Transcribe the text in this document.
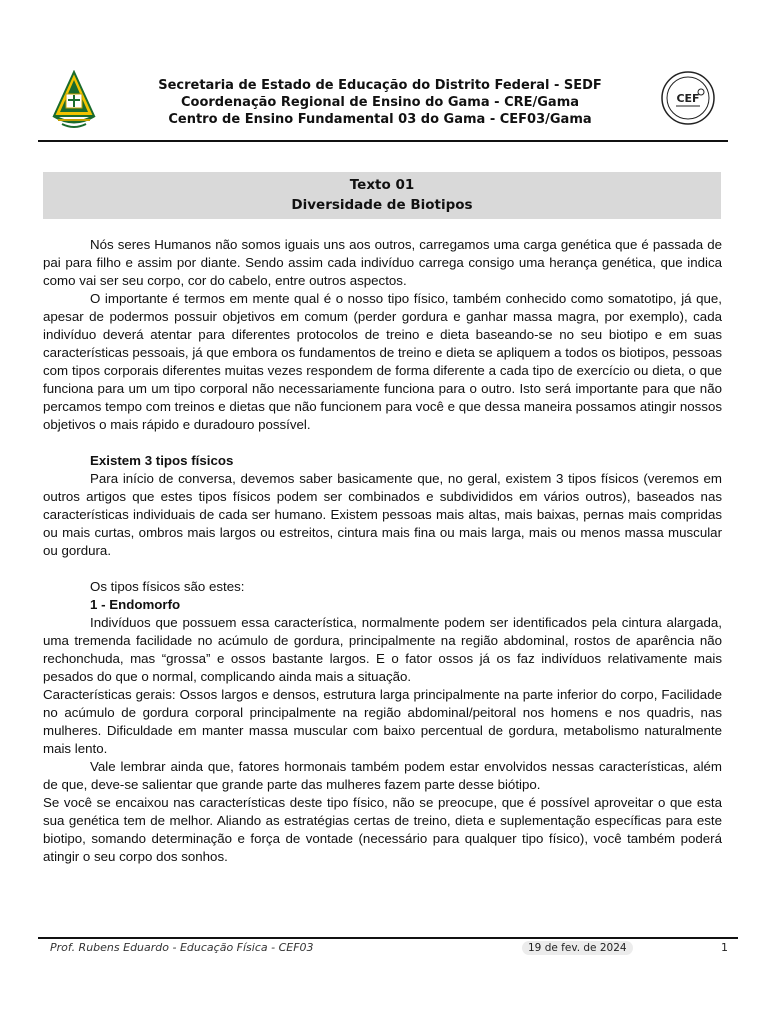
Secretaria de Estado de Educação do Distrito Federal - SEDF
Coordenação Regional de Ensino do Gama - CRE/Gama
Centro de Ensino Fundamental 03 do Gama - CEF03/Gama
CEF
Texto 01
Diversidade de Biotipos

Nós seres Humanos não somos iguais uns aos outros, carregamos uma carga genética que é passada de pai para filho e assim por diante. Sendo assim cada indivíduo carrega consigo uma herança genética, que indica como vai ser seu corpo, cor do cabelo, entre outros aspectos.

O importante é termos em mente qual é o nosso tipo físico, também conhecido como somatotipo, já que, apesar de podermos possuir objetivos em comum (perder gordura e ganhar massa magra, por exemplo), cada indivíduo deverá atentar para diferentes protocolos de treino e dieta baseando-se no seu biotipo e em suas características pessoais, já que embora os fundamentos de treino e dieta se apliquem a todos os biotipos, pessoas com tipos corporais diferentes muitas vezes respondem de forma diferente a cada tipo de exercício ou dieta, o que funciona para um um tipo corporal não necessariamente funciona para o outro. Isto será importante para que não percamos tempo com treinos e dietas que não funcionem para você e que dessa maneira possamos atingir nossos objetivos o mais rápido e duradouro possível.

Existem 3 tipos físicos

Para início de conversa, devemos saber basicamente que, no geral, existem 3 tipos físicos (veremos em outros artigos que estes tipos físicos podem ser combinados e subdivididos em vários outros), baseados nas características individuais de cada ser humano. Existem pessoas mais altas, mais baixas, pernas mais compridas ou mais curtas, ombros mais largos ou estreitos, cintura mais fina ou mais larga, mais ou menos massa muscular ou gordura.

Os tipos físicos são estes:

1 - Endomorfo

Indivíduos que possuem essa característica, normalmente podem ser identificados pela cintura alargada, uma tremenda facilidade no acúmulo de gordura, principalmente na região abdominal, rostos de aparência não rechonchuda, mas “grossa” e ossos bastante largos. E o fator ossos já os faz indivíduos relativamente mais pesados do que o normal, complicando ainda mais a situação.

Características gerais: Ossos largos e densos, estrutura larga principalmente na parte inferior do corpo, Facilidade no acúmulo de gordura corporal principalmente na região abdominal/peitoral nos homens e nos quadris, nas mulheres. Dificuldade em manter massa muscular com baixo percentual de gordura, metabolismo naturalmente mais lento.

Vale lembrar ainda que, fatores hormonais também podem estar envolvidos nessas características, além de que, deve-se salientar que grande parte das mulheres fazem parte desse biótipo.

Se você se encaixou nas características deste tipo físico, não se preocupe, que é possível aproveitar o que esta sua genética tem de melhor. Aliando as estratégias certas de treino, dieta e suplementação específicas para este biotipo, somando determinação e força de vontade (necessário para qualquer tipo físico), você também poderá atingir o seu corpo dos sonhos.

Prof. Rubens Eduardo - Educação Física - CEF03	19 de fev. de 2024	1
